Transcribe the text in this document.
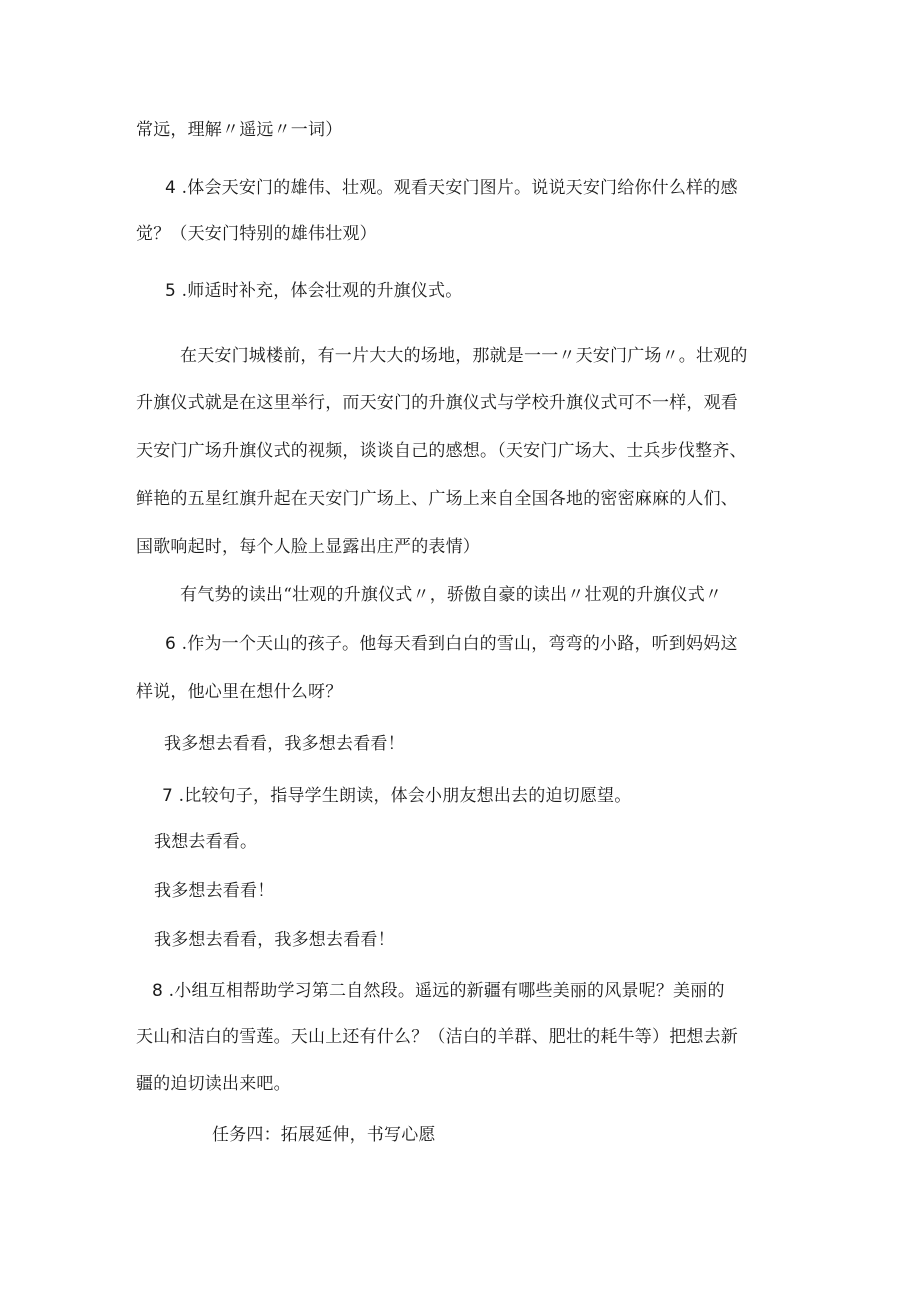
常远，理解〃遥远〃一词）
4 .体会天安门的雄伟、壮观。观看天安门图片。说说天安门给你什么样的感
觉？（天安门特别的雄伟壮观）
5 .师适时补充，体会壮观的升旗仪式。
在天安门城楼前，有一片大大的场地，那就是一一〃天安门广场〃。壮观的
升旗仪式就是在这里举行，而天安门的升旗仪式与学校升旗仪式可不一样，观看
天安门广场升旗仪式的视频，谈谈自己的感想。（天安门广场大、士兵步伐整齐、
鲜艳的五星红旗升起在天安门广场上、广场上来自全国各地的密密麻麻的人们、
国歌响起时，每个人脸上显露出庄严的表情）
有气势的读出“壮观的升旗仪式〃，骄傲自豪的读出〃壮观的升旗仪式〃
6 .作为一个天山的孩子。他每天看到白白的雪山，弯弯的小路，听到妈妈这
样说，他心里在想什么呀？
我多想去看看，我多想去看看！
7 .比较句子，指导学生朗读，体会小朋友想出去的迫切愿望。
我想去看看。
我多想去看看！
我多想去看看，我多想去看看！
8 .小组互相帮助学习第二自然段。遥远的新疆有哪些美丽的风景呢？美丽的
天山和洁白的雪莲。天山上还有什么？（洁白的羊群、肥壮的耗牛等）把想去新
疆的迫切读出来吧。
任务四：拓展延伸，书写心愿
